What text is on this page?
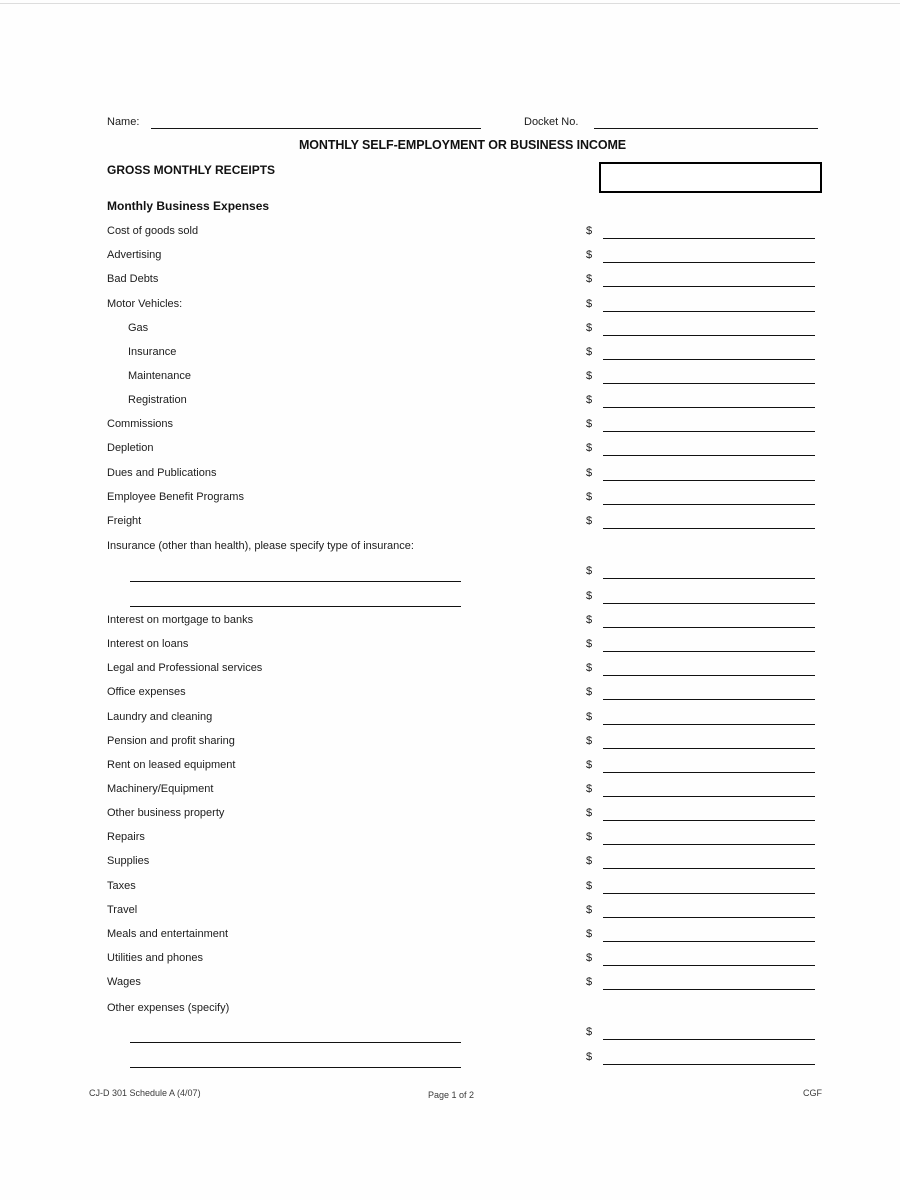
Name:	Docket No.
MONTHLY SELF-EMPLOYMENT OR BUSINESS INCOME
GROSS MONTHLY RECEIPTS
Monthly Business Expenses
Cost of goods sold	$
Advertising	$
Bad Debts	$
Motor Vehicles:	$
Gas	$
Insurance	$
Maintenance	$
Registration	$
Commissions	$
Depletion	$
Dues and Publications	$
Employee Benefit Programs	$
Freight	$
Insurance (other than health), please specify type of insurance:
$
$
Interest on mortgage to banks	$
Interest on loans	$
Legal and Professional services	$
Office expenses	$
Laundry and cleaning	$
Pension and profit sharing	$
Rent on leased equipment	$
Machinery/Equipment	$
Other business property	$
Repairs	$
Supplies	$
Taxes	$
Travel	$
Meals and entertainment	$
Utilities and phones	$
Wages	$
Other expenses (specify)
$
$
CJ-D 301 Schedule A (4/07)	Page 1 of 2	CGF
